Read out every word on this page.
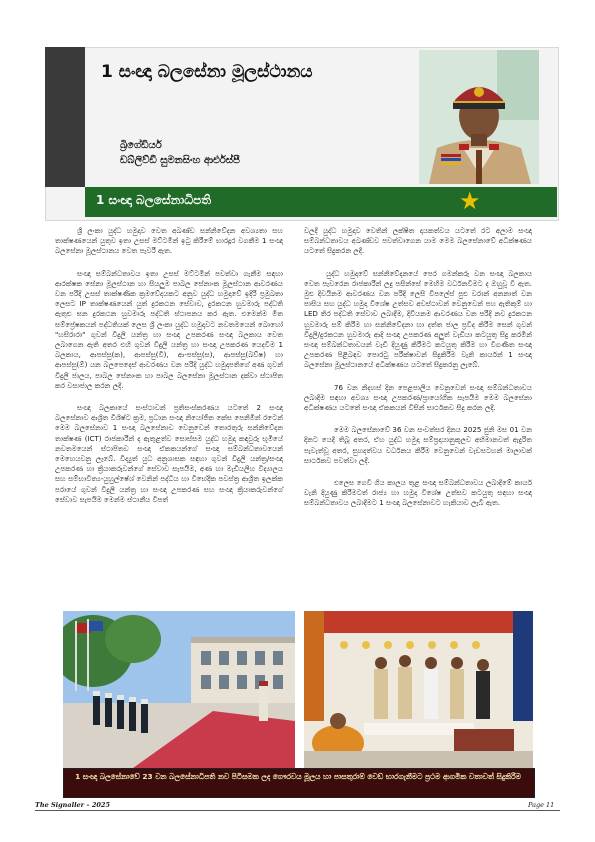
1 සංඥා බලසේනා මූලස්ථානය
බ්‍රිගේඩියර්
ඩබ්ලිව්ඩී සුමනසිංහ ආර්එස්පී
1 සංඥා බලසේනාධිපති	★

ශ්‍රී ලංකා යුද්ධ හමුදාව වෙත අඛණ්ඩ සන්නිවේදන අවශ්‍යතා සහ තාක්ෂණයෙන් යුතුව ඉතා උසස් මට්ටමින් ඉටු කිරීමේ භාරදූර වගකීම 1 සංඥා බලසේනා මූලස්ථානය වෙත පැවරී ඇත.

සංඥා සම්බන්ධතාවය ඉතා උසස් මට්ටමින් පවත්වා ගැනීම සඳහා ආරක්ෂක සේනා මූලස්ථාන හා සියලුම පාබල සේනාංක මූලස්ථාන ආවරණය වන පරිදි උසස් තාක්ෂණික ක්‍රමවේදයකට අනුව යුද්ධ හමුදාවේ ඉදිරි ප්‍රමුඛතා ලෙසට IP තාක්ෂණයෙන් යුත් දුරකථන සේවාව, දුරකථන හුවමාරු පද්ධති ඇතුළු ඝන දුරකථන හුවමාරු පද්ධති ස්ථාපනය කර ඇත. එමෙන්ම මීත සම්ප්‍රේෂකයන් පද්ධතියක් ලෙස ශ්‍රී ලංකා යුද්ධ හමුදාවට නවතමයෙන් බොහෝ "හසිරාරා" ගුවන් විදුලි යන්ත්‍ර හා සංඥා උපකරණ සංඥා බලකාය වෙත ලබාගෙන ඇති අතර එහි ගුවන් විදුලි යන්ත්‍ර හා සංඥා උපකරණ යෙදවීම 1 බලකාය, ආපස්සු(ක), ආපස්සු(වි), ආ-පස්සු(ස), ආපස්සු(බව්ෂ) හා ආපස්සු(ඕ) යන බලපෙදෙස් ආවරණය වන පරිදි යුද්ධ හමුදාපතිගේ අණ ගුවන් විදුලි ජාලය, පාබල සේනාංක හා පාබල බලසේනා මූලස්ථාන දක්වා ස්ථාපිත කර වසාජාල කරන ලදී.

සංඥා බලකායේ සංස්ථාවන් ප්‍රතිසංස්කරණය යටතේ 2 සංඥා බලසේනාව ආශ්‍රිත විශිෂ්ට ක්‍රම, ප්‍රධාන සංඥා නියෝජිත කේස පෙනිමින් රටෙන් මෙම බලසේනාව 1 සංඥා බලසේනාව වෙනුවෙන් තොරතුරු සන්නිවේදන තාක්ෂණ (ICT) රාජකාරීන් ද ඇතුළත්ව සොස්සම යුද්ධ හමුදා කඳවුරු භූමියේ නවතමයෙන් ස්ථාපිතව සංඥා ඒකකයන්ගේ සංඥා සම්බන්ධතාවයෙන් මෙහෙයවනු ලැබේ. විද්‍යුත් යුධ අනුශාසක සඳහා ගුවන් විදුලි යන්ත්‍ර/සංඥා උපකරණ හා ක්‍රියාකරුවන්ගේ සේවාව සැපයීම, අණ හා මැඩියලිහ විද්‍යාලය සහ සම්භාවිත්‍ය-යුහුල්ෂේශ් වෙනින් පද්ධිය හා විභේදීක පවස්ත්‍ර ආශ්‍රිත ඉලක්ක පරායේ ගුවන් විදුලි යන්ත්‍ර හා සංඥා උපකරණ සහ සංඥා ක්‍රියාකරුවන්ගේ සේවාව සැපයීම මෙන්ම ස්ථානීය විපත්

වලදී යුද්ධ හමුදාව වෙතින් ලක්ෂිත දායකත්වය යටතේ රට අලාම සංඥා සම්බන්ධතාවය අඛණ්ඩව පවත්වාගෙන යාම මෙම බලසේනාවේ අධීක්ෂණය යටතේ සිදුකරන ලදී.

යුද්ධ හමුදාවේ සන්නිවේදනයේ පෙර ගමන්කරු වන සංඥා බලකාය වෙත පැවරෙන රාජකාරීන් ලදු පසින්සේ මෙහිම වර්ධනවීමට ද ඔහුවූ වී ඇත. මුළු දිවයිනම ආවරණය වන පරිදි ලෙසි විපලේස් පුළු වරාන් අනනාත් වන පාසිය සහ යුද්ධ හමුදා විශේෂ උත්සව අවස්ථාවන් වෙනුවෙන් පහ ඇතිකුම් හා LED තිර පද්ධති සේවාව ලබාදීම, දිවියනම ආවරණය වන පරිදි නව දුරකථන හුවමාරු සම් කිරීම හා සන්නිවේදනා හා දත්ත ජාල ප්‍රවීද කිරීම සෙන් ගුවන් විදුලි/දුරකථන හුවමාරු ආදි සංඥා උපකරණ අලුත් වැඩියා කටයුතු සිදු කරමින් සංඥා සම්බන්ධතාවයන් වැඩි දියුණු කිරීමට කටයුතු කිරීම හා වීගණිත සංඥා උපකරණ පිළිබඳව පොරටු පරීක්ෂාවන් සිදුකිරීම වැනි කාර්යන් 1 සංඥා බලසේනා මූලස්ථානයේ අධීක්ෂණය යටතේ සිදුකරනු ලැබේ.

76 වන නිදහස් දින පෙළපාලිය වෙනුවෙන් සංඥා සම්බන්ධතාවය ලබාදීම සඳහා අවශ්‍ය සංඥා උපකරණ/ප්‍රායෝගික සැපයීම මෙම බලසේනා අධීක්ෂණය යටතේ සංඥා ඒකකයන් විසින් සාර්ථකව සිදු කරන ලදී.

මෙම බලසේනාවේ 36 වන සංවත්සර දිනය 2025 ජුනි මස 01 වන දිනට යෙදී තිබූ අතර, ඒහ යුද්ධ හමුදා සම්ප්‍රදායානුකූලව අභිමානවත් ඇදුරිත පැවැත්වූ අතර, සුහදත්වය වර්ධනය කිරීම වෙනුවෙන් වැඩසටහන් මාලාවක් සාර්ථකව පවත්වා ලදී.

එලෙස ගෙවී ගිය කාලය තුළ සංඥා සම්බන්ධතාවය ලබාදීමේ කාර්ය වැනි දියුණු කිරීමටත් රාජ්‍ය හා හමුදා විශේෂ උත්සව කටයුතු සඳහා සංඥා සම්බන්ධතාවය ලබාදීමට 1 සංඥා බලසේනාවට හැකියාව ලැබී ඇත.

1 සංඥා බලසේනාවේ 23 වන බලසේනාධිපති නව පිටිසමක ලද ගෞරවය මූලය හා පාසතුරාම් වෙඩ් භාරගැනීමට ප්‍රථම ආගමික වතාවත් සිදුකිරීම
The Signaller – 2025	Page 11
